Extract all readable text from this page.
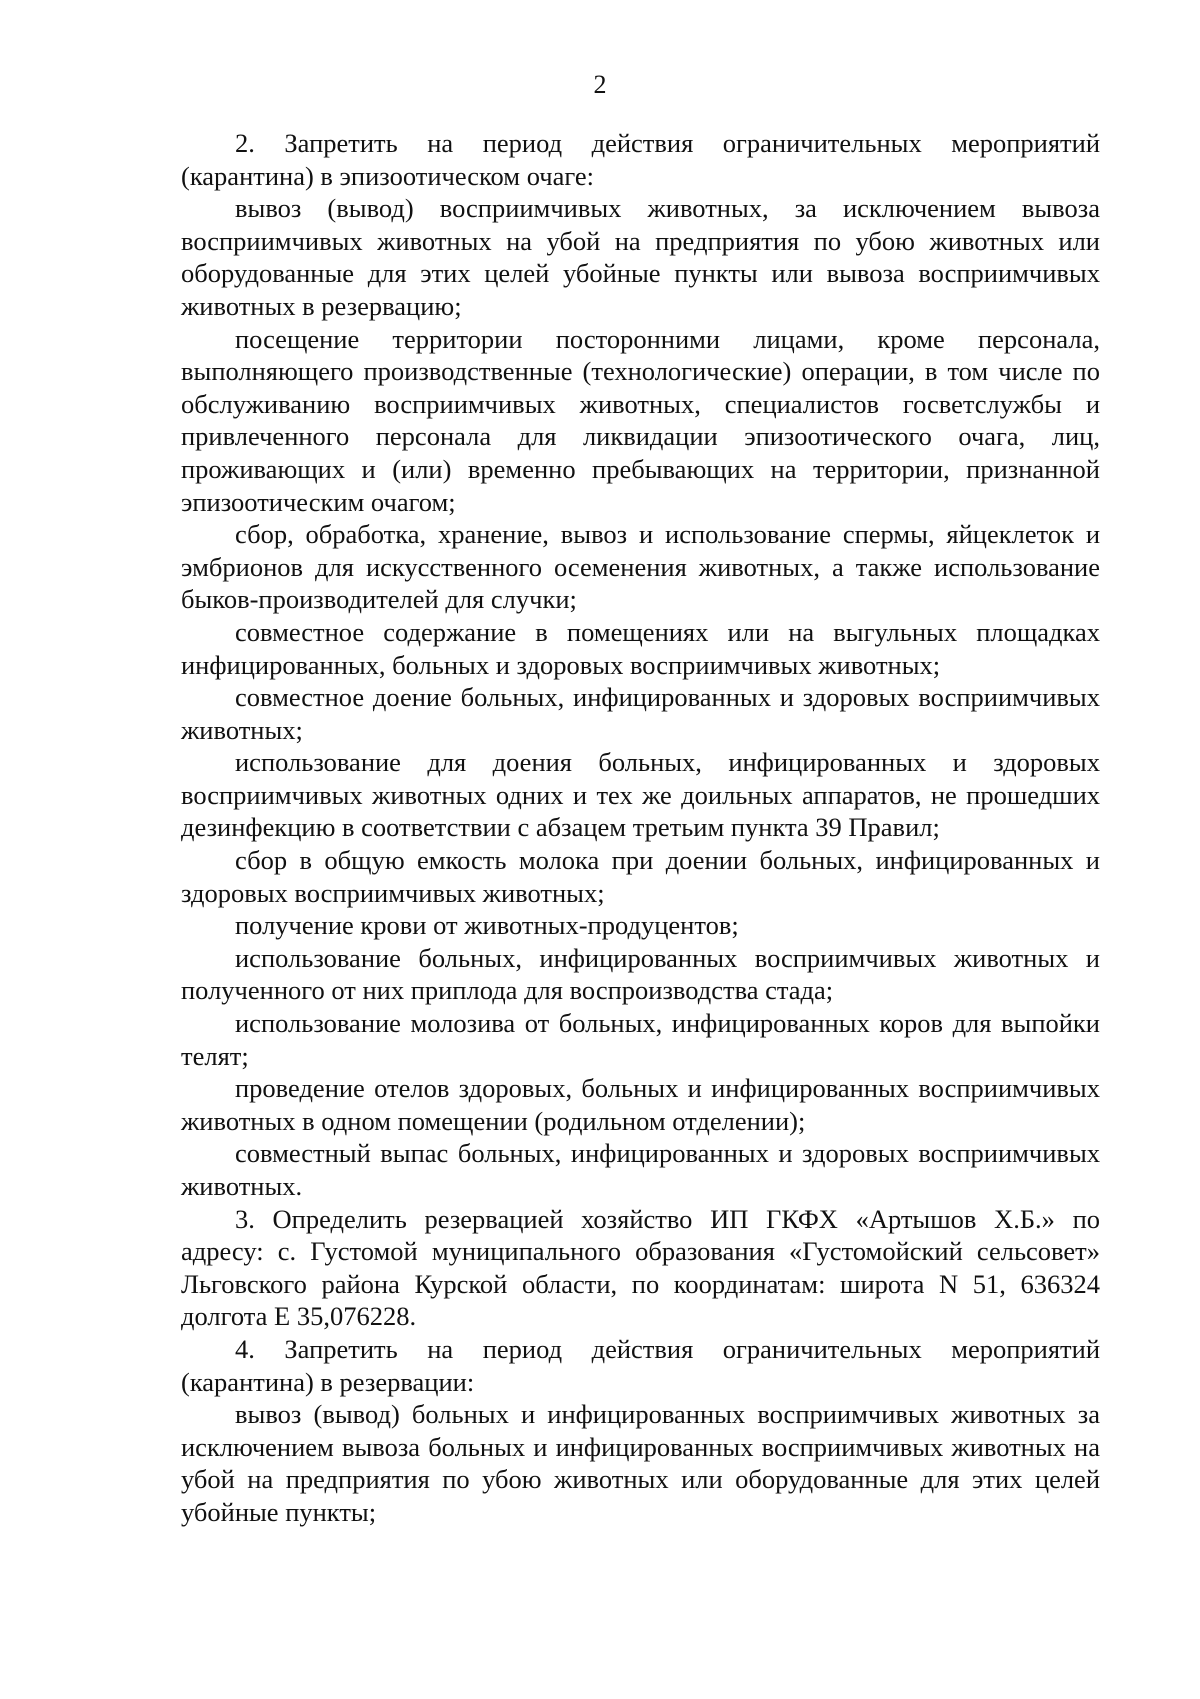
2

2. Запретить на период действия ограничительных мероприятий (карантина) в эпизоотическом очаге:

вывоз (вывод) восприимчивых животных, за исключением вывоза восприимчивых животных на убой на предприятия по убою животных или оборудованные для этих целей убойные пункты или вывоза восприимчивых животных в резервацию;

посещение территории посторонними лицами, кроме персонала, выполняющего производственные (технологические) операции, в том числе по обслуживанию восприимчивых животных, специалистов госветслужбы и привлеченного персонала для ликвидации эпизоотического очага, лиц, проживающих и (или) временно пребывающих на территории, признанной эпизоотическим очагом;

сбор, обработка, хранение, вывоз и использование спермы, яйцеклеток и эмбрионов для искусственного осеменения животных, а также использование быков-производителей для случки;

совместное содержание в помещениях или на выгульных площадках инфицированных, больных и здоровых восприимчивых животных;

совместное доение больных, инфицированных и здоровых восприимчивых животных;

использование для доения больных, инфицированных и здоровых восприимчивых животных одних и тех же доильных аппаратов, не прошедших дезинфекцию в соответствии с абзацем третьим пункта 39 Правил;

сбор в общую емкость молока при доении больных, инфицированных и здоровых восприимчивых животных;

получение крови от животных-продуцентов;

использование больных, инфицированных восприимчивых животных и полученного от них приплода для воспроизводства стада;

использование молозива от больных, инфицированных коров для выпойки телят;

проведение отелов здоровых, больных и инфицированных восприимчивых животных в одном помещении (родильном отделении);

совместный выпас больных, инфицированных и здоровых восприимчивых животных.

3. Определить резервацией хозяйство ИП ГКФХ «Артышов Х.Б.» по адресу: с. Густомой муниципального образования «Густомойский сельсовет» Льговского района Курской области, по координатам: широта N 51, 636324 долгота Е 35,076228.

4. Запретить на период действия ограничительных мероприятий (карантина) в резервации:

вывоз (вывод) больных и инфицированных восприимчивых животных за исключением вывоза больных и инфицированных восприимчивых животных на убой на предприятия по убою животных или оборудованные для этих целей убойные пункты;
